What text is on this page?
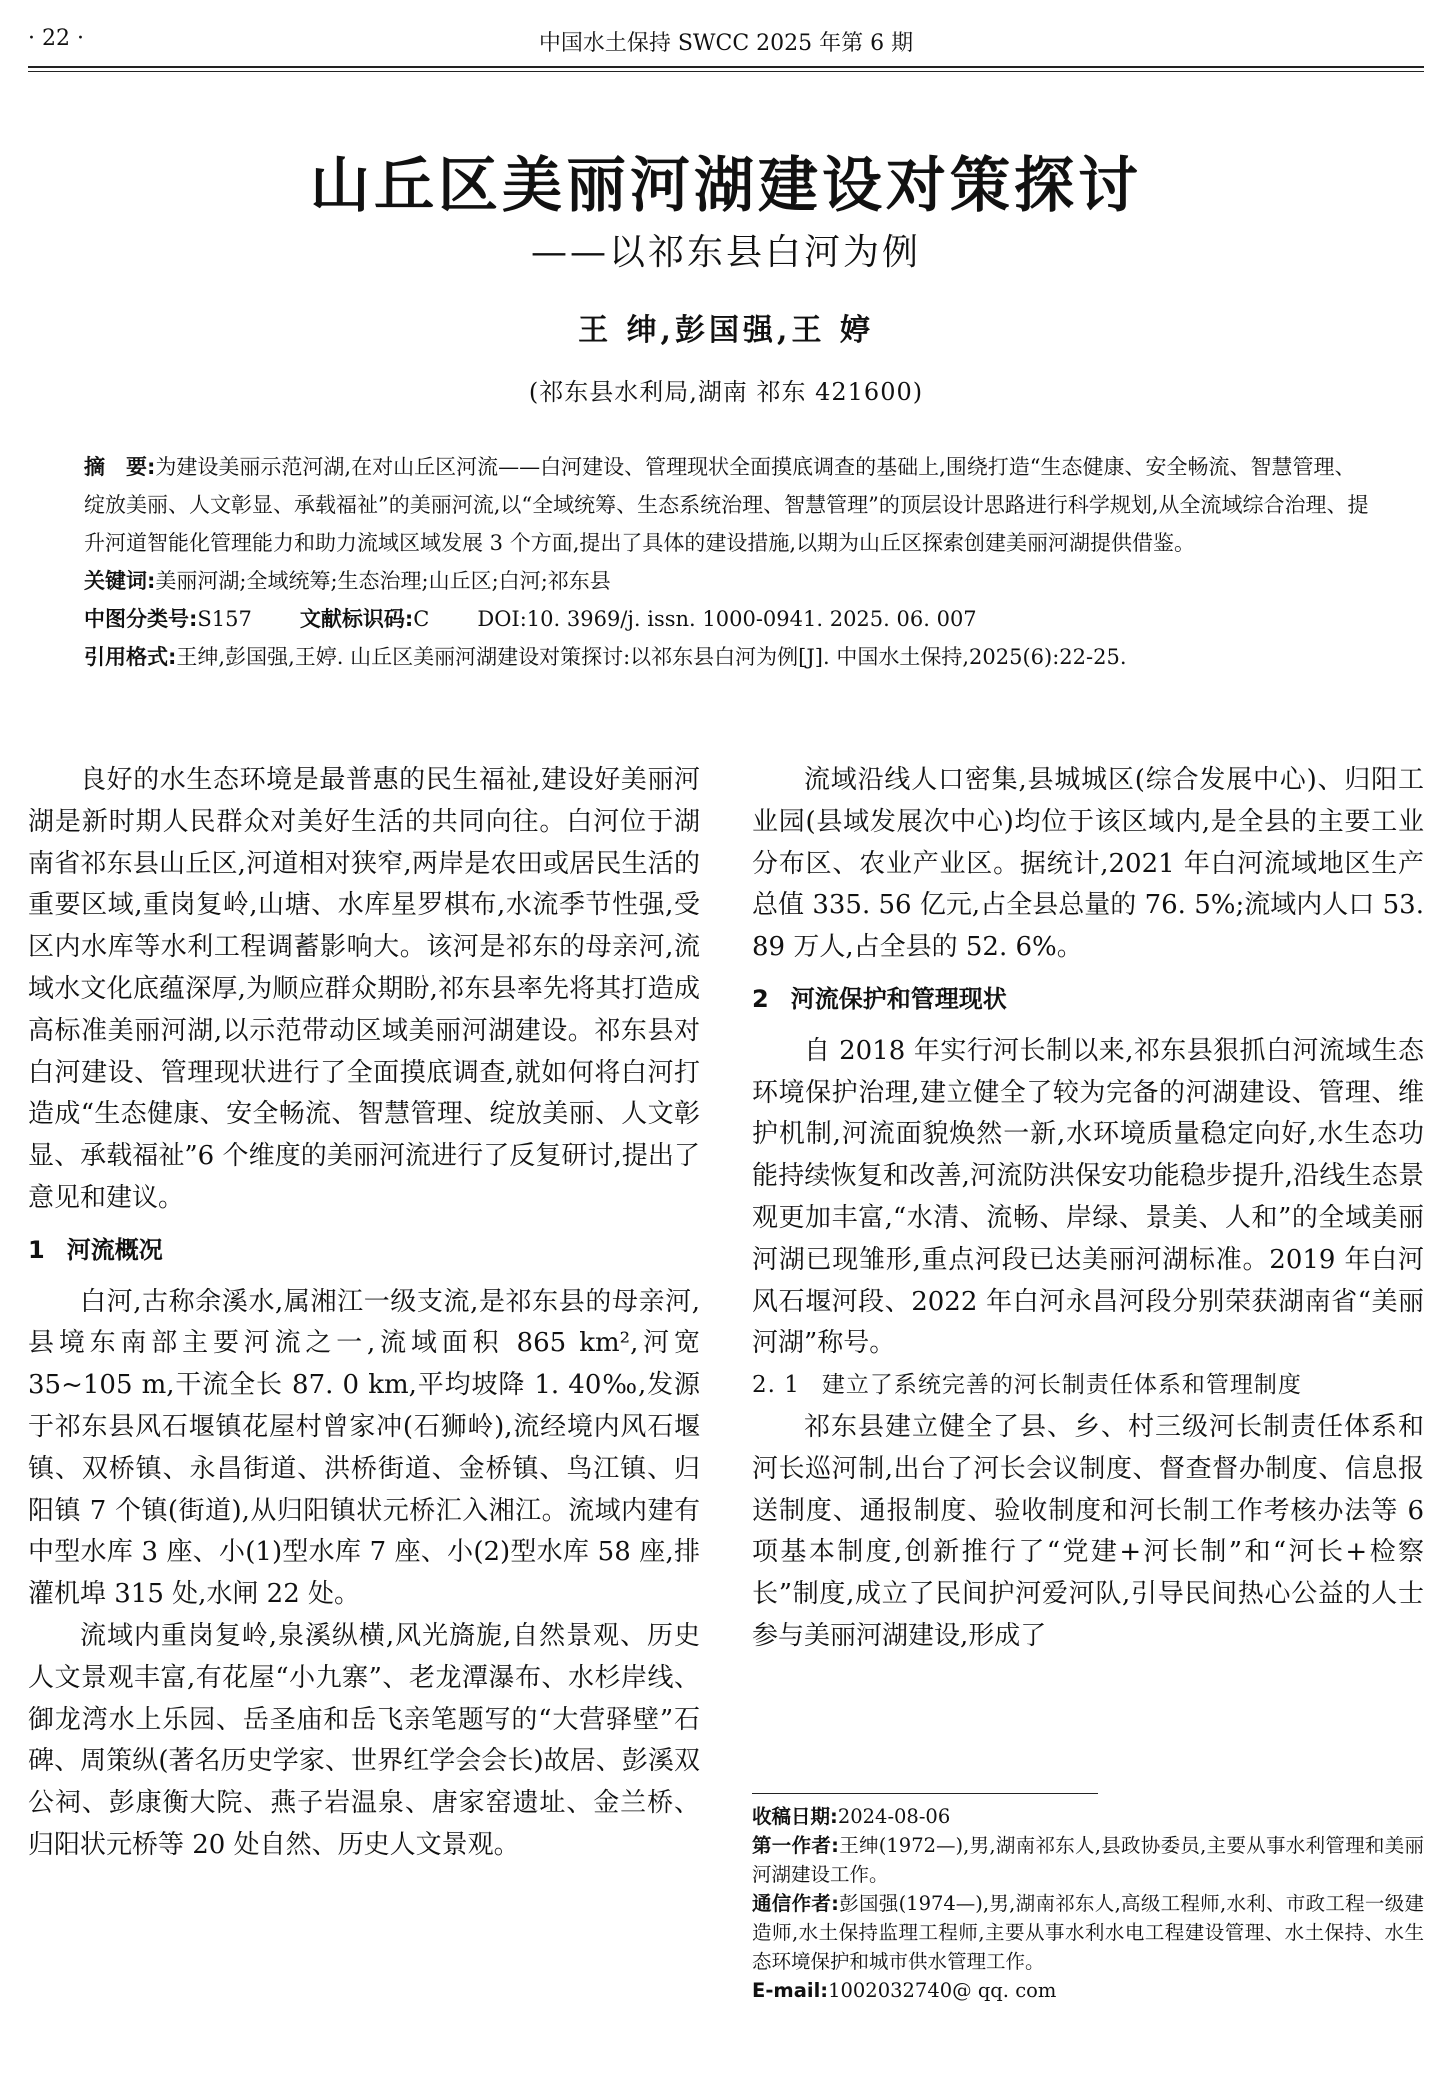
· 22 ·	中国水土保持 SWCC 2025 年第 6 期
山丘区美丽河湖建设对策探讨
——以祁东县白河为例
王 绅,彭国强,王 婷
(祁东县水利局,湖南 祁东 421600)

摘　要:为建设美丽示范河湖,在对山丘区河流——白河建设、管理现状全面摸底调查的基础上,围绕打造“生态健康、安全畅流、智慧管理、绽放美丽、人文彰显、承载福祉”的美丽河流,以“全域统筹、生态系统治理、智慧管理”的顶层设计思路进行科学规划,从全流域综合治理、提升河道智能化管理能力和助力流域区域发展 3 个方面,提出了具体的建设措施,以期为山丘区探索创建美丽河湖提供借鉴。

关键词:美丽河湖;全域统筹;生态治理;山丘区;白河;祁东县

中图分类号:S157 文献标识码:C DOI:10. 3969/j. issn. 1000-0941. 2025. 06. 007

引用格式:王绅,彭国强,王婷. 山丘区美丽河湖建设对策探讨:以祁东县白河为例[J]. 中国水土保持,2025(6):22-25.

良好的水生态环境是最普惠的民生福祉,建设好美丽河湖是新时期人民群众对美好生活的共同向往。白河位于湖南省祁东县山丘区,河道相对狭窄,两岸是农田或居民生活的重要区域,重岗复岭,山塘、水库星罗棋布,水流季节性强,受区内水库等水利工程调蓄影响大。该河是祁东的母亲河,流域水文化底蕴深厚,为顺应群众期盼,祁东县率先将其打造成高标准美丽河湖,以示范带动区域美丽河湖建设。祁东县对白河建设、管理现状进行了全面摸底调查,就如何将白河打造成“生态健康、安全畅流、智慧管理、绽放美丽、人文彰显、承载福祉”6 个维度的美丽河流进行了反复研讨,提出了意见和建议。

1 河流概况

白河,古称余溪水,属湘江一级支流,是祁东县的母亲河,县境东南部主要河流之一,流域面积 865 km²,河宽 35~105 m,干流全长 87. 0 km,平均坡降 1. 40‰,发源于祁东县风石堰镇花屋村曾家冲(石狮岭),流经境内风石堰镇、双桥镇、永昌街道、洪桥街道、金桥镇、鸟江镇、归阳镇 7 个镇(街道),从归阳镇状元桥汇入湘江。流域内建有中型水库 3 座、小(1)型水库 7 座、小(2)型水库 58 座,排灌机埠 315 处,水闸 22 处。

流域内重岗复岭,泉溪纵横,风光旖旎,自然景观、历史人文景观丰富,有花屋“小九寨”、老龙潭瀑布、水杉岸线、御龙湾水上乐园、岳圣庙和岳飞亲笔题写的“大营驿壁”石碑、周策纵(著名历史学家、世界红学会会长)故居、彭溪双公祠、彭康衡大院、燕子岩温泉、唐家窑遗址、金兰桥、归阳状元桥等 20 处自然、历史人文景观。

流域沿线人口密集,县城城区(综合发展中心)、归阳工业园(县域发展次中心)均位于该区域内,是全县的主要工业分布区、农业产业区。据统计,2021 年白河流域地区生产总值 335. 56 亿元,占全县总量的 76. 5%;流域内人口 53. 89 万人,占全县的 52. 6%。

2 河流保护和管理现状

自 2018 年实行河长制以来,祁东县狠抓白河流域生态环境保护治理,建立健全了较为完备的河湖建设、管理、维护机制,河流面貌焕然一新,水环境质量稳定向好,水生态功能持续恢复和改善,河流防洪保安功能稳步提升,沿线生态景观更加丰富,“水清、流畅、岸绿、景美、人和”的全域美丽河湖已现雏形,重点河段已达美丽河湖标准。2019 年白河风石堰河段、2022 年白河永昌河段分别荣获湖南省“美丽河湖”称号。

2. 1 建立了系统完善的河长制责任体系和管理制度

祁东县建立健全了县、乡、村三级河长制责任体系和河长巡河制,出台了河长会议制度、督查督办制度、信息报送制度、通报制度、验收制度和河长制工作考核办法等 6 项基本制度,创新推行了“党建+河长制”和“河长+检察长”制度,成立了民间护河爱河队,引导民间热心公益的人士参与美丽河湖建设,形成了

收稿日期:2024-08-06

第一作者:王绅(1972—),男,湖南祁东人,县政协委员,主要从事水利管理和美丽河湖建设工作。

通信作者:彭国强(1974—),男,湖南祁东人,高级工程师,水利、市政工程一级建造师,水土保持监理工程师,主要从事水利水电工程建设管理、水土保持、水生态环境保护和城市供水管理工作。

E-mail:1002032740@ qq. com
